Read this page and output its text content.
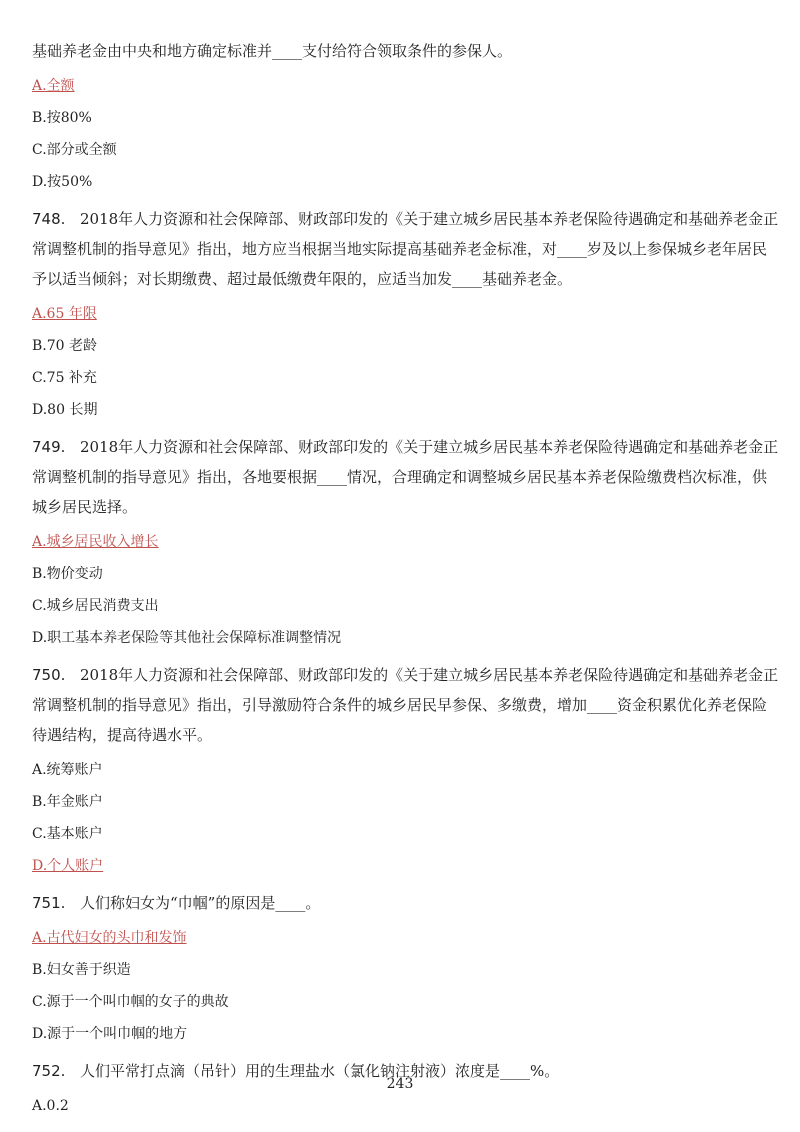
基础养老金由中央和地方确定标准并____支付给符合领取条件的参保人。
A.全额
B.按80%
C.部分或全额
D.按50%
748. 2018年人力资源和社会保障部、财政部印发的《关于建立城乡居民基本养老保险待遇确定和基础养老金正常调整机制的指导意见》指出，地方应当根据当地实际提高基础养老金标准，对____岁及以上参保城乡老年居民予以适当倾斜；对长期缴费、超过最低缴费年限的，应适当加发____基础养老金。
A.65 年限
B.70 老龄
C.75 补充
D.80 长期
749. 2018年人力资源和社会保障部、财政部印发的《关于建立城乡居民基本养老保险待遇确定和基础养老金正常调整机制的指导意见》指出，各地要根据____情况，合理确定和调整城乡居民基本养老保险缴费档次标准，供城乡居民选择。
A.城乡居民收入增长
B.物价变动
C.城乡居民消费支出
D.职工基本养老保险等其他社会保障标准调整情况
750. 2018年人力资源和社会保障部、财政部印发的《关于建立城乡居民基本养老保险待遇确定和基础养老金正常调整机制的指导意见》指出，引导激励符合条件的城乡居民早参保、多缴费，增加____资金积累优化养老保险待遇结构，提高待遇水平。
A.统筹账户
B.年金账户
C.基本账户
D.个人账户
751. 人们称妇女为“巾帼”的原因是____。
A.古代妇女的头巾和发饰
B.妇女善于织造
C.源于一个叫巾帼的女子的典故
D.源于一个叫巾帼的地方
752. 人们平常打点滴（吊针）用的生理盐水（氯化钠注射液）浓度是____%。
A.0.2
243
